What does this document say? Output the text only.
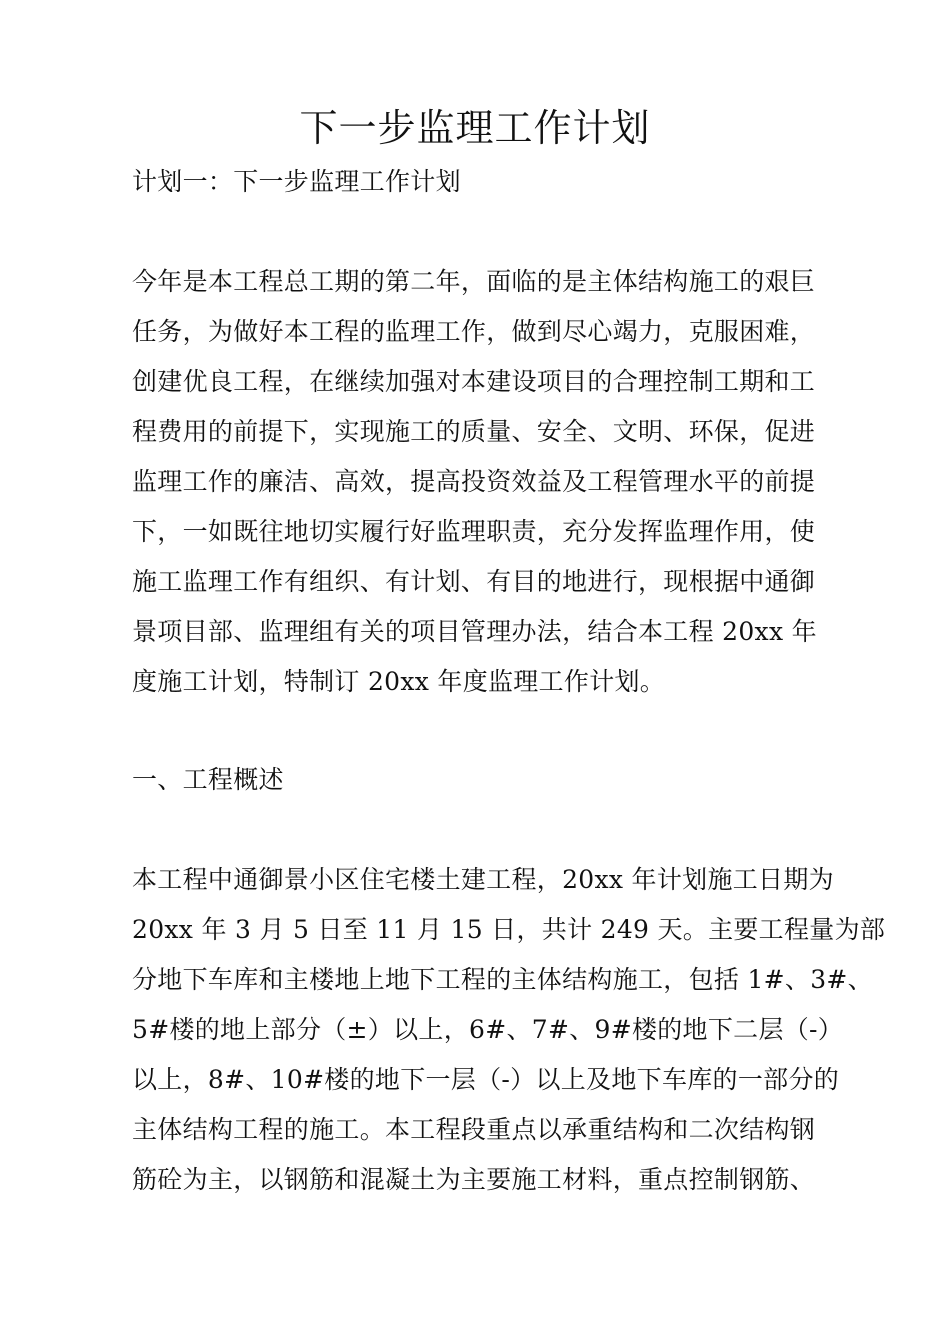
下一步监理工作计划
计划一：下一步监理工作计划
今年是本工程总工期的第二年，面临的是主体结构施工的艰巨
任务，为做好本工程的监理工作，做到尽心竭力，克服困难，
创建优良工程，在继续加强对本建设项目的合理控制工期和工
程费用的前提下，实现施工的质量、安全、文明、环保，促进
监理工作的廉洁、高效，提高投资效益及工程管理水平的前提
下，一如既往地切实履行好监理职责，充分发挥监理作用，使
施工监理工作有组织、有计划、有目的地进行，现根据中通御
景项目部、监理组有关的项目管理办法，结合本工程 20xx 年
度施工计划，特制订 20xx 年度监理工作计划。
一、工程概述
本工程中通御景小区住宅楼土建工程，20xx 年计划施工日期为
20xx 年 3 月 5 日至 11 月 15 日，共计 249 天。主要工程量为部
分地下车库和主楼地上地下工程的主体结构施工，包括 1#、3#、
5#楼的地上部分（±）以上，6#、7#、9#楼的地下二层（-）
以上，8#、10#楼的地下一层（-）以上及地下车库的一部分的
主体结构工程的施工。本工程段重点以承重结构和二次结构钢
筋砼为主，以钢筋和混凝土为主要施工材料，重点控制钢筋、
